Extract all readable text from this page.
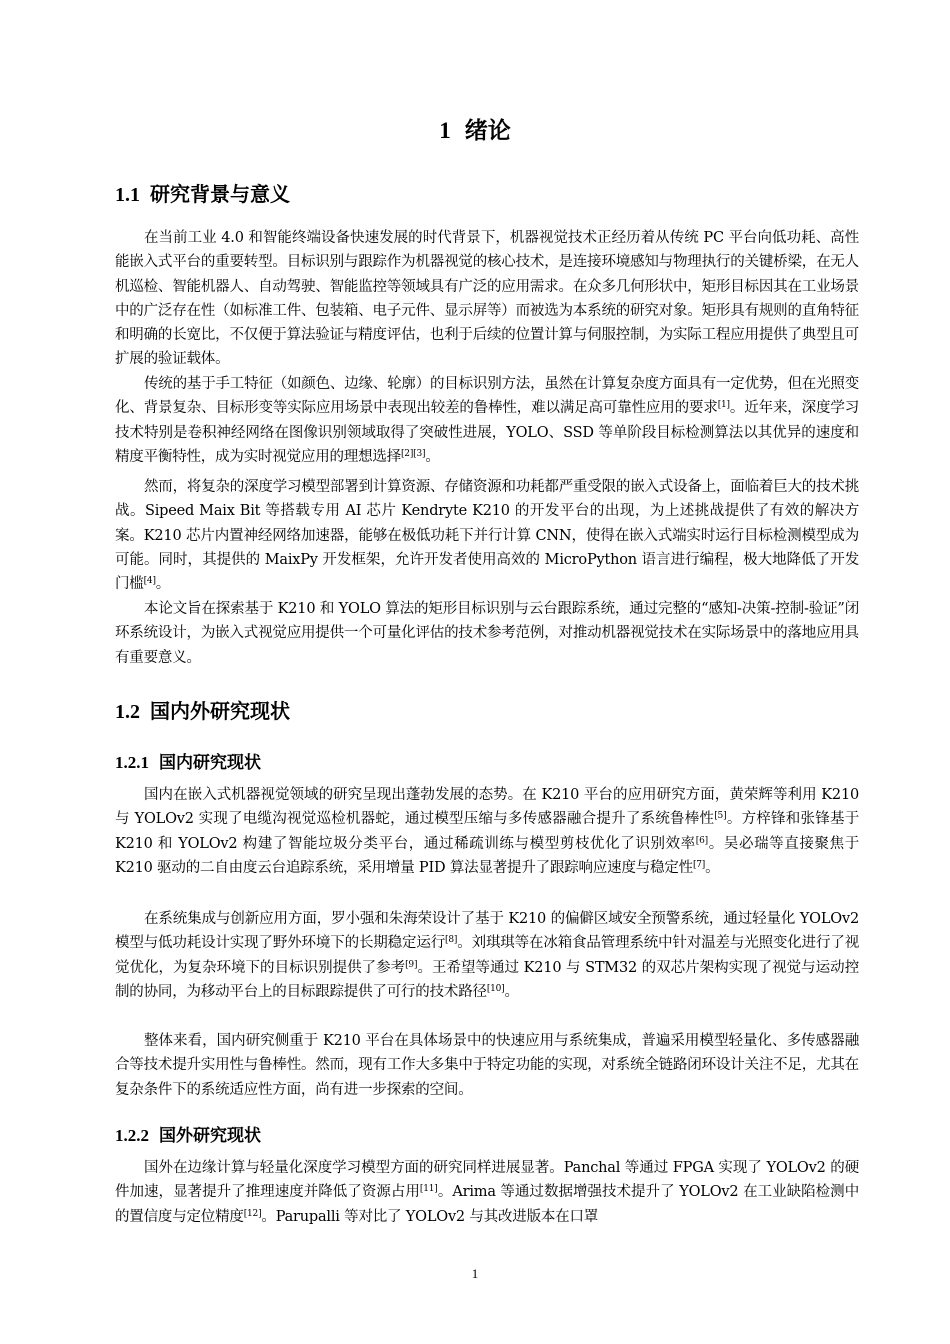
1 绪论
1.1 研究背景与意义

在当前工业 4.0 和智能终端设备快速发展的时代背景下，机器视觉技术正经历着从传统 PC 平台向低功耗、高性能嵌入式平台的重要转型。目标识别与跟踪作为机器视觉的核心技术，是连接环境感知与物理执行的关键桥梁，在无人机巡检、智能机器人、自动驾驶、智能监控等领域具有广泛的应用需求。在众多几何形状中，矩形目标因其在工业场景中的广泛存在性（如标准工件、包装箱、电子元件、显示屏等）而被选为本系统的研究对象。矩形具有规则的直角特征和明确的长宽比，不仅便于算法验证与精度评估，也利于后续的位置计算与伺服控制，为实际工程应用提供了典型且可扩展的验证载体。

传统的基于手工特征（如颜色、边缘、轮廓）的目标识别方法，虽然在计算复杂度方面具有一定优势，但在光照变化、背景复杂、目标形变等实际应用场景中表现出较差的鲁棒性，难以满足高可靠性应用的要求[1]。近年来，深度学习技术特别是卷积神经网络在图像识别领域取得了突破性进展，YOLO、SSD 等单阶段目标检测算法以其优异的速度和精度平衡特性，成为实时视觉应用的理想选择[2][3]。

然而，将复杂的深度学习模型部署到计算资源、存储资源和功耗都严重受限的嵌入式设备上，面临着巨大的技术挑战。Sipeed Maix Bit 等搭载专用 AI 芯片 Kendryte K210 的开发平台的出现，为上述挑战提供了有效的解决方案。K210 芯片内置神经网络加速器，能够在极低功耗下并行计算 CNN，使得在嵌入式端实时运行目标检测模型成为可能。同时，其提供的 MaixPy 开发框架，允许开发者使用高效的 MicroPython 语言进行编程，极大地降低了开发门槛[4]。

本论文旨在探索基于 K210 和 YOLO 算法的矩形目标识别与云台跟踪系统，通过完整的“感知-决策-控制-验证”闭环系统设计，为嵌入式视觉应用提供一个可量化评估的技术参考范例，对推动机器视觉技术在实际场景中的落地应用具有重要意义。

1.2 国内外研究现状
1.2.1 国内研究现状

国内在嵌入式机器视觉领域的研究呈现出蓬勃发展的态势。在 K210 平台的应用研究方面，黄荣辉等利用 K210 与 YOLOv2 实现了电缆沟视觉巡检机器蛇，通过模型压缩与多传感器融合提升了系统鲁棒性[5]。方梓锋和张锋基于 K210 和 YOLOv2 构建了智能垃圾分类平台，通过稀疏训练与模型剪枝优化了识别效率[6]。吴必瑞等直接聚焦于 K210 驱动的二自由度云台追踪系统，采用增量 PID 算法显著提升了跟踪响应速度与稳定性[7]。

在系统集成与创新应用方面，罗小强和朱海荣设计了基于 K210 的偏僻区域安全预警系统，通过轻量化 YOLOv2 模型与低功耗设计实现了野外环境下的长期稳定运行[8]。刘琪琪等在冰箱食品管理系统中针对温差与光照变化进行了视觉优化，为复杂环境下的目标识别提供了参考[9]。王希望等通过 K210 与 STM32 的双芯片架构实现了视觉与运动控制的协同，为移动平台上的目标跟踪提供了可行的技术路径[10]。

整体来看，国内研究侧重于 K210 平台在具体场景中的快速应用与系统集成，普遍采用模型轻量化、多传感器融合等技术提升实用性与鲁棒性。然而，现有工作大多集中于特定功能的实现，对系统全链路闭环设计关注不足，尤其在复杂条件下的系统适应性方面，尚有进一步探索的空间。

1.2.2 国外研究现状

国外在边缘计算与轻量化深度学习模型方面的研究同样进展显著。Panchal 等通过 FPGA 实现了 YOLOv2 的硬件加速，显著提升了推理速度并降低了资源占用[11]。Arima 等通过数据增强技术提升了 YOLOv2 在工业缺陷检测中的置信度与定位精度[12]。Parupalli 等对比了 YOLOv2 与其改进版本在口罩

1
